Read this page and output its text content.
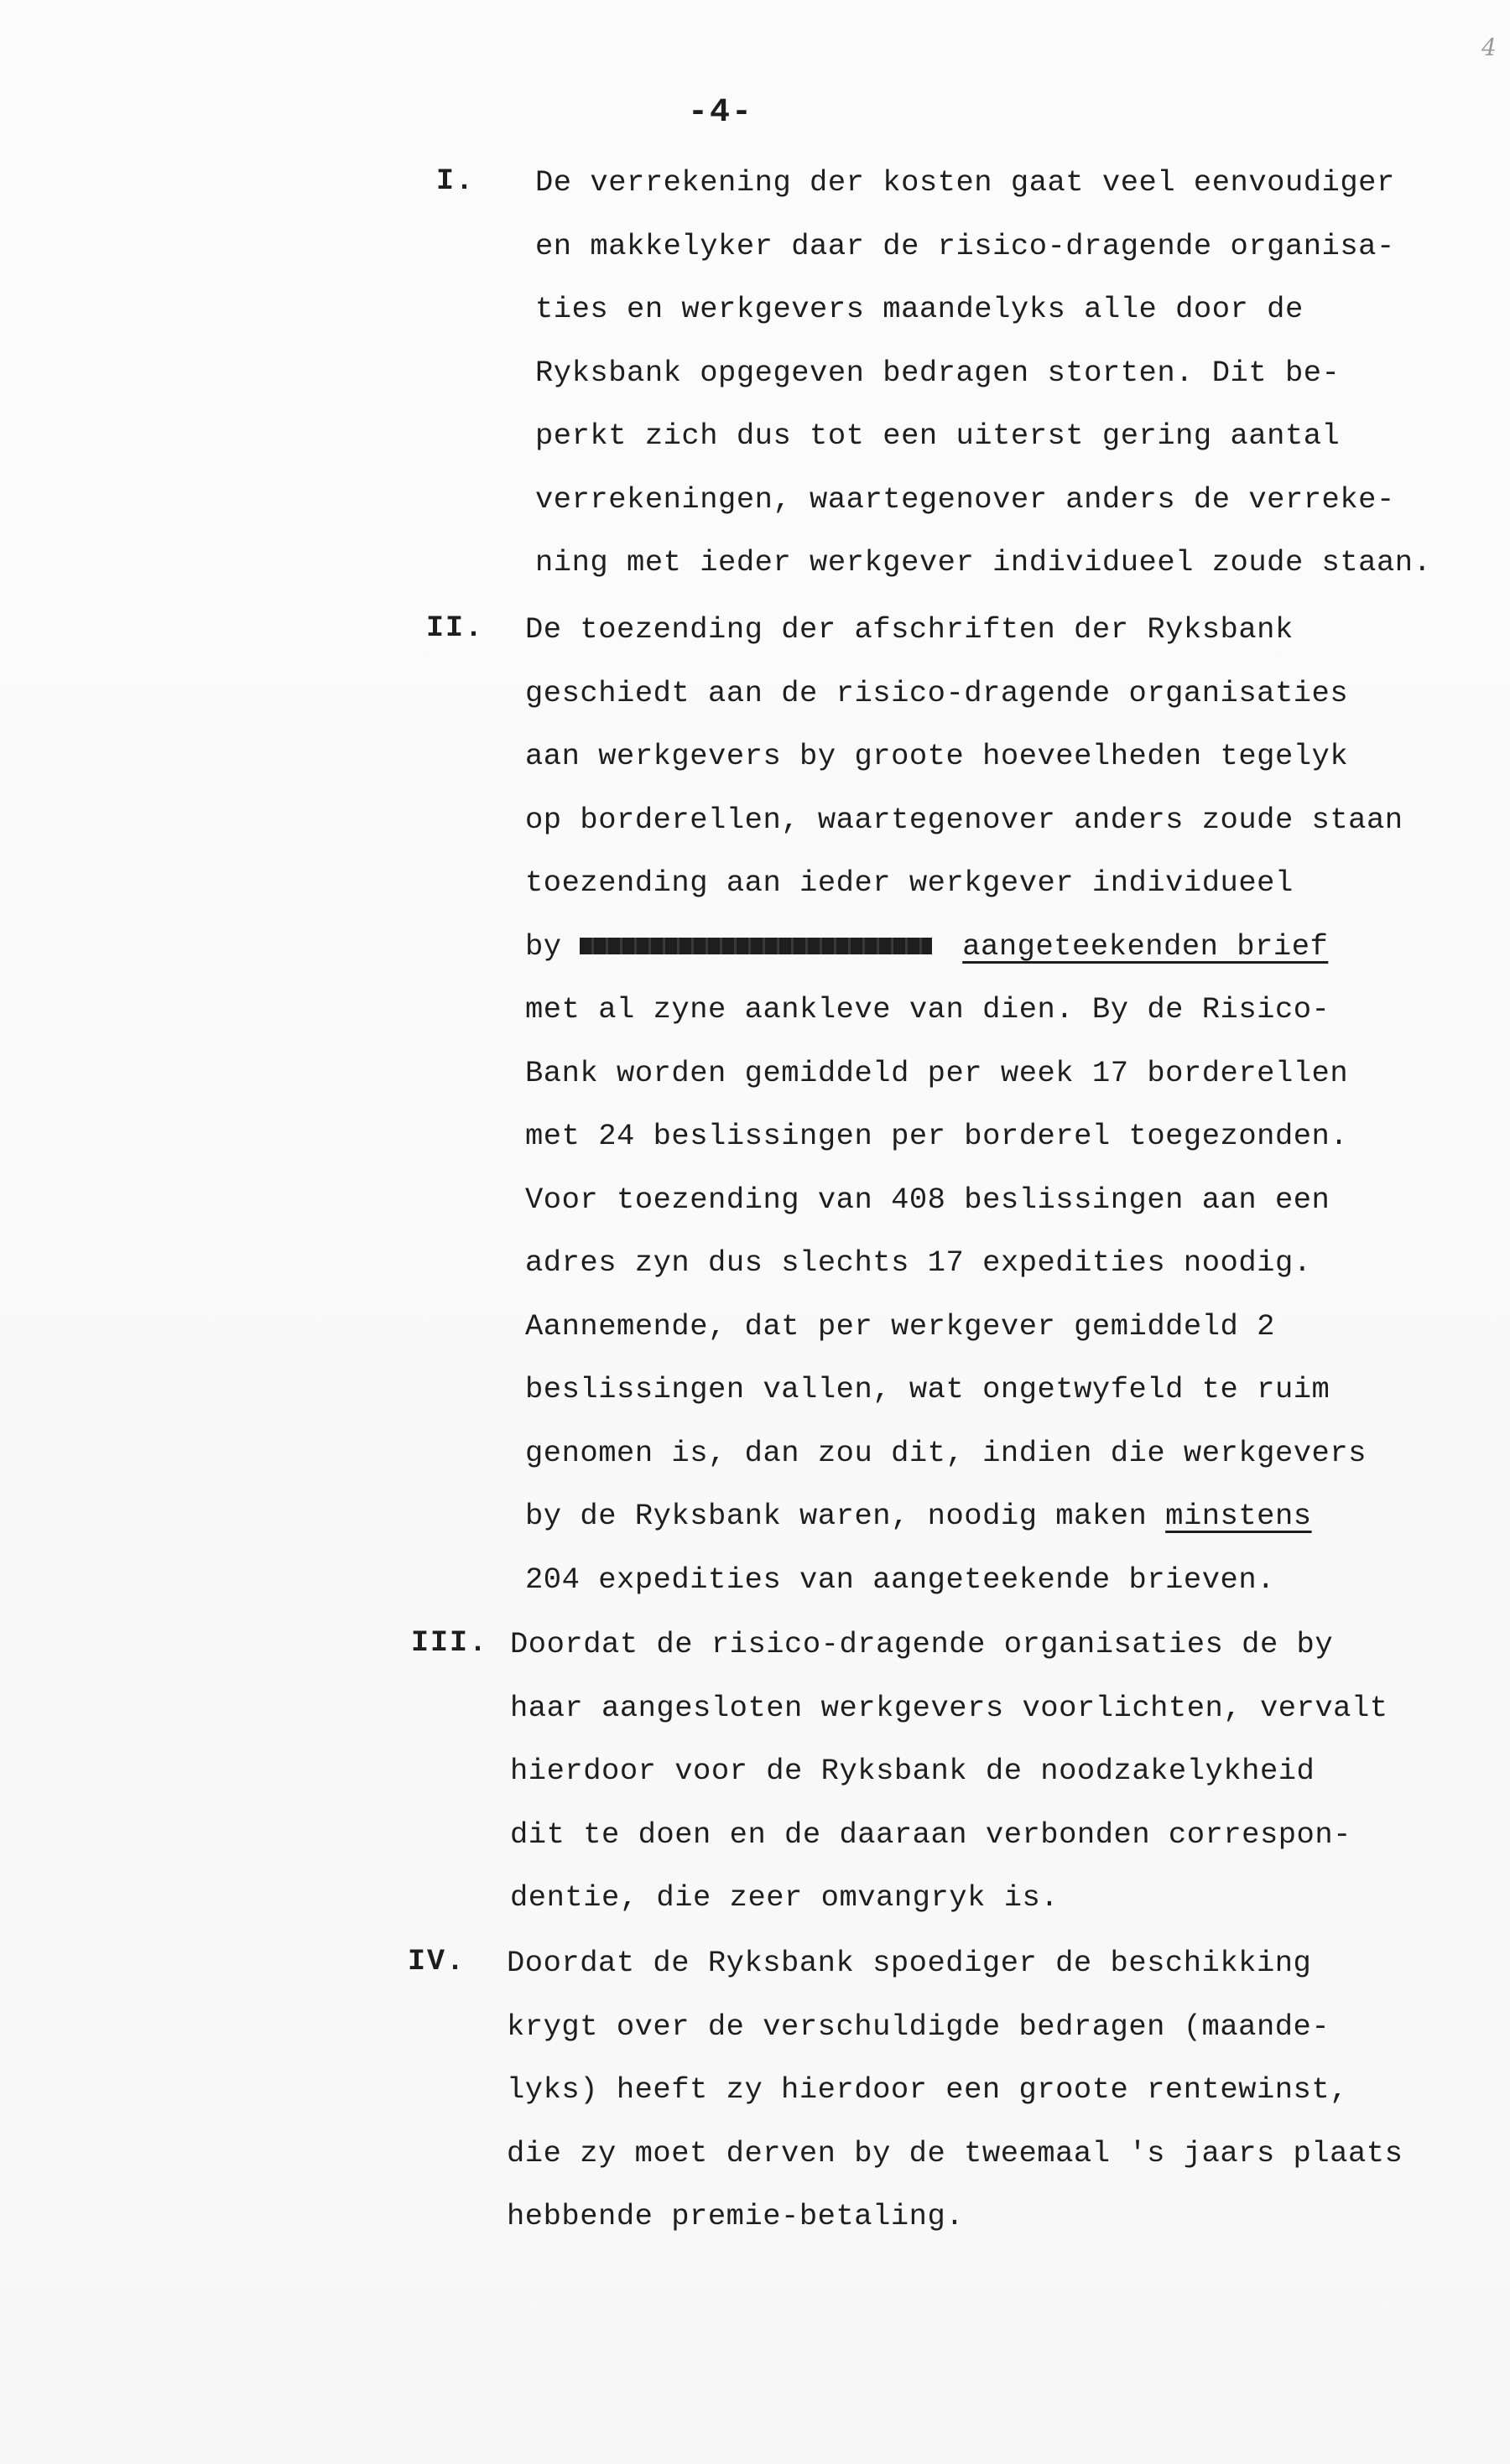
4
-4-
I. De verrekening der kosten gaat veel eenvoudiger
en makkelyker daar de risico-dragende organisa-
ties en werkgevers maandelyks alle door de
Ryksbank opgegeven bedragen storten. Dit be-
perkt zich dus tot een uiterst gering aantal
verrekeningen, waartegenover anders de verreke-
ning met ieder werkgever individueel zoude staan.
II. De toezending der afschriften der Ryksbank
geschiedt aan de risico-dragende organisaties
aan werkgevers by groote hoeveelheden tegelyk
op borderellen, waartegenover anders zoude staan
toezending aan ieder werkgever individueel
by	aangeteekenden brief
met al zyne aankleve van dien. By de Risico-
Bank worden gemiddeld per week 17 borderellen
met 24 beslissingen per borderel toegezonden.
Voor toezending van 408 beslissingen aan een
adres zyn dus slechts 17 expedities noodig.
Aannemende, dat per werkgever gemiddeld 2
beslissingen vallen, wat ongetwyfeld te ruim
genomen is, dan zou dit, indien die werkgevers
by de Ryksbank waren, noodig maken minstens
204 expedities van aangeteekende brieven.
III. Doordat de risico-dragende organisaties de by
haar aangesloten werkgevers voorlichten, vervalt
hierdoor voor de Ryksbank de noodzakelykheid
dit te doen en de daaraan verbonden correspon-
dentie, die zeer omvangryk is.
IV. Doordat de Ryksbank spoediger de beschikking
krygt over de verschuldigde bedragen (maande-
lyks) heeft zy hierdoor een groote rentewinst,
die zy moet derven by de tweemaal 's jaars plaats
hebbende premie-betaling.
